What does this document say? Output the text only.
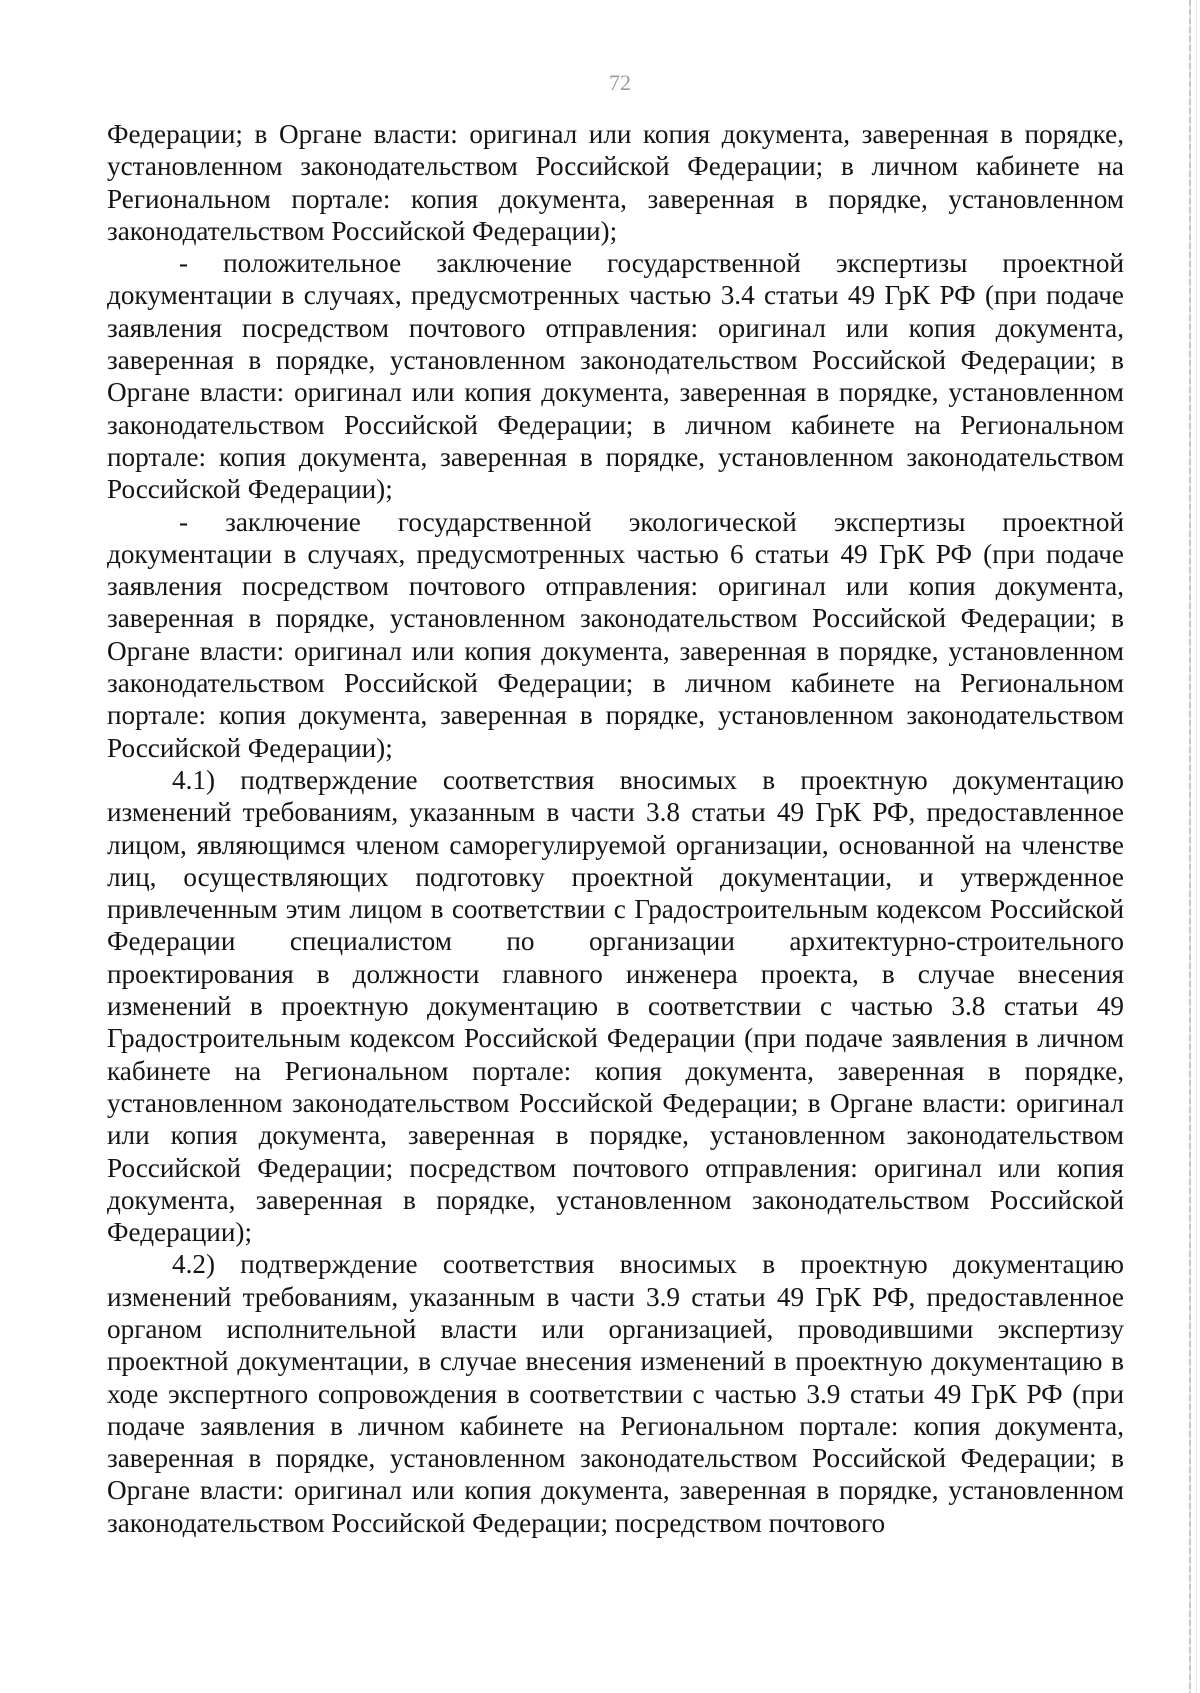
72

Федерации; в Органе власти: оригинал или копия документа, заверенная в порядке, установленном законодательством Российской Федерации; в личном кабинете на Региональном портале: копия документа, заверенная в порядке, установленном законодательством Российской Федерации);

- положительное заключение государственной экспертизы проектной документации в случаях, предусмотренных частью 3.4 статьи 49 ГрК РФ (при подаче заявления посредством почтового отправления: оригинал или копия документа, заверенная в порядке, установленном законодательством Российской Федерации; в Органе власти: оригинал или копия документа, заверенная в порядке, установленном законодательством Российской Федерации; в личном кабинете на Региональном портале: копия документа, заверенная в порядке, установленном законодательством Российской Федерации);

- заключение государственной экологической экспертизы проектной документации в случаях, предусмотренных частью 6 статьи 49 ГрК РФ (при подаче заявления посредством почтового отправления: оригинал или копия документа, заверенная в порядке, установленном законодательством Российской Федерации; в Органе власти: оригинал или копия документа, заверенная в порядке, установленном законодательством Российской Федерации; в личном кабинете на Региональном портале: копия документа, заверенная в порядке, установленном законодательством Российской Федерации);

4.1) подтверждение соответствия вносимых в проектную документацию изменений требованиям, указанным в части 3.8 статьи 49 ГрК РФ, предоставленное лицом, являющимся членом саморегулируемой организации, основанной на членстве лиц, осуществляющих подготовку проектной документации, и утвержденное привлеченным этим лицом в соответствии с Градостроительным кодексом Российской Федерации специалистом по организации архитектурно-строительного проектирования в должности главного инженера проекта, в случае внесения изменений в проектную документацию в соответствии с частью 3.8 статьи 49 Градостроительным кодексом Российской Федерации (при подаче заявления в личном кабинете на Региональном портале: копия документа, заверенная в порядке, установленном законодательством Российской Федерации; в Органе власти: оригинал или копия документа, заверенная в порядке, установленном законодательством Российской Федерации; посредством почтового отправления: оригинал или копия документа, заверенная в порядке, установленном законодательством Российской Федерации);

4.2) подтверждение соответствия вносимых в проектную документацию изменений требованиям, указанным в части 3.9 статьи 49 ГрК РФ, предоставленное органом исполнительной власти или организацией, проводившими экспертизу проектной документации, в случае внесения изменений в проектную документацию в ходе экспертного сопровождения в соответствии с частью 3.9 статьи 49 ГрК РФ (при подаче заявления в личном кабинете на Региональном портале: копия документа, заверенная в порядке, установленном законодательством Российской Федерации; в Органе власти: оригинал или копия документа, заверенная в порядке, установленном законодательством Российской Федерации; посредством почтового
